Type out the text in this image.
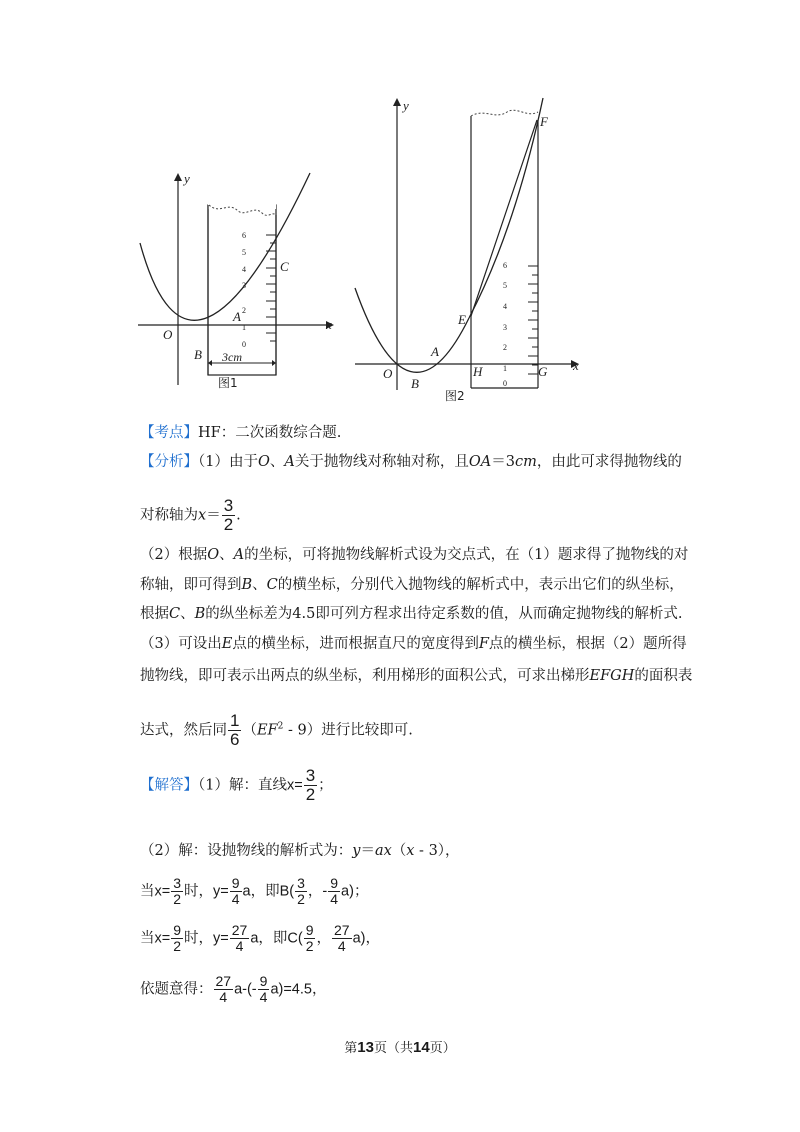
0
1
2
3
4
5
6
x
y
O
A
B
C
3cm
图1	0
1
2
3
4
5
6
x
y
O
A
B
E
F
H	G
图2
【考点】HF：二次函数综合题.
【分析】（1）由于O、A关于抛物线对称轴对称，且OA＝3cm，由此可求得抛物线的
对称轴为$x= \frac{3}{2}$ .
（2）根据O、A的坐标，可将抛物线解析式设为交点式，在（1）题求得了抛物线的对
称轴，即可得到B、C的横坐标，分别代入抛物线的解析式中，表示出它们的纵坐标，
根据C、B的纵坐标差为4.5即可列方程求出待定系数的值，从而确定抛物线的解析式.
（3）可设出E点的横坐标，进而根据直尺的宽度得到F点的横坐标，根据（2）题所得
抛物线，即可表示出两点的纵坐标，利用梯形的面积公式，可求出梯形EFGH的面积表
达式，然后同 $\frac{1}{6} (EF^2 - 9)$进行比较即可.
【解答】（1）解：直线$x= \frac{3}{2}$ ；
（2）解：设抛物线的解析式为：y＝ax（x - 3），
当$x= \frac{3}{2}$ 时，$y= \frac{9}{4}$ a，即$B( \frac{3}{2}$ ，- $\frac{9}{4} a$)；
当$x= \frac{9}{2}$ 时，$y= \frac{27}{4}$ a，即$C( \frac{9}{2}$ ， $\frac{27}{4} a$)，
依题意得： $\frac{27}{4} a-(- \frac{9}{4} a)=4.5$，
第13页（共14页）
